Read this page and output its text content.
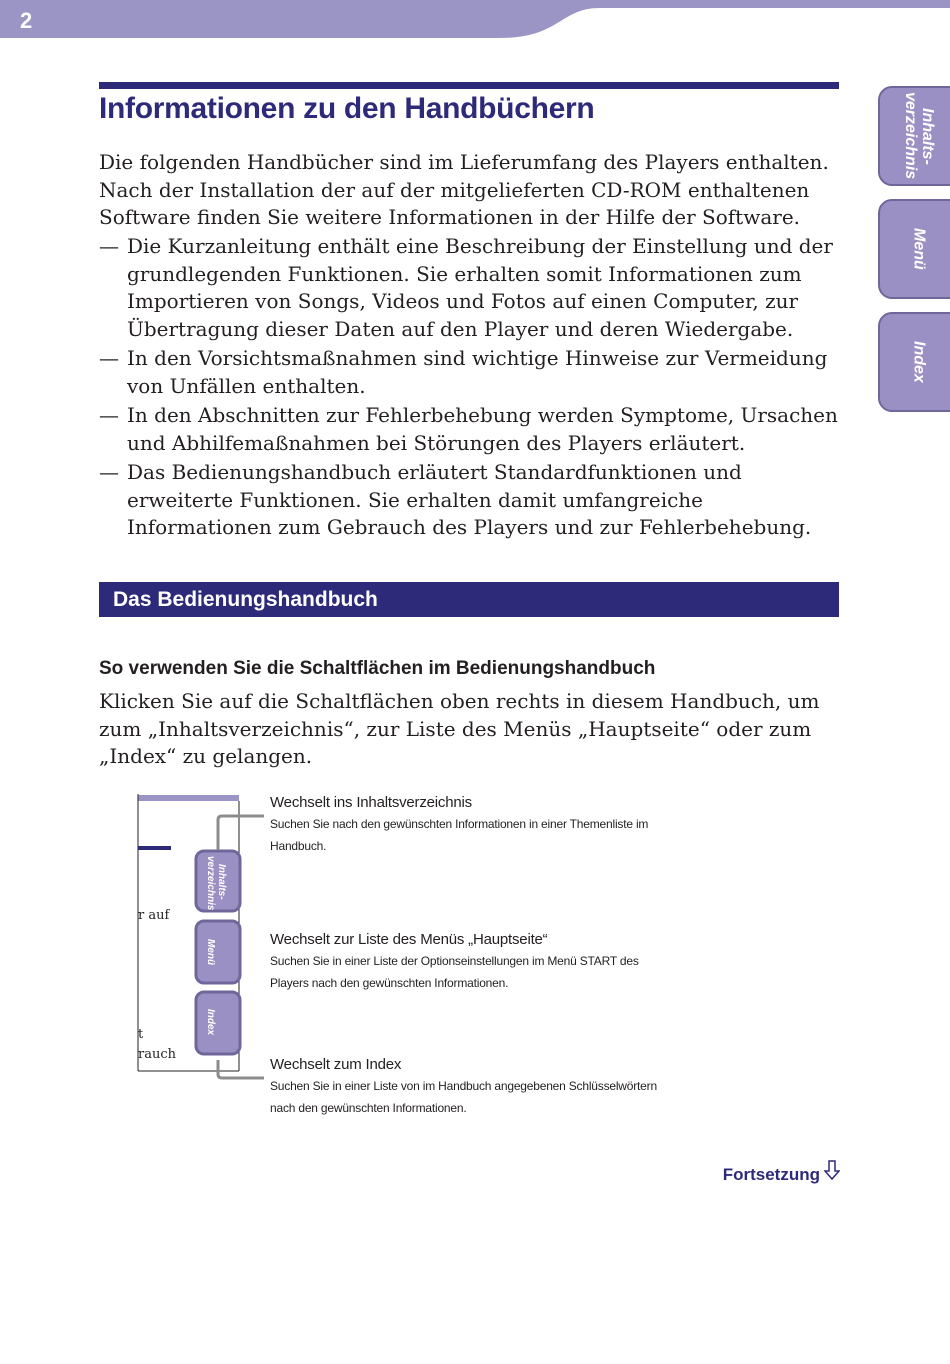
2
Inhalts-
verzeichnis
Menü
Index
Informationen zu den Handbüchern

Die folgenden Handbücher sind im Lieferumfang des Players enthalten. Nach der Installation der auf der mitgelieferten CD-ROM enthaltenen Software finden Sie weitere Informationen in der Hilfe der Software.

— Die Kurzanleitung enthält eine Beschreibung der Einstellung und der grundlegenden Funktionen. Sie erhalten somit Informationen zum Importieren von Songs, Videos und Fotos auf einen Computer, zur Übertragung dieser Daten auf den Player und deren Wiedergabe.
— In den Vorsichtsmaßnahmen sind wichtige Hinweise zur Vermeidung von Unfällen enthalten.
— In den Abschnitten zur Fehlerbehebung werden Symptome, Ursachen und Abhilfemaßnahmen bei Störungen des Players erläutert.
— Das Bedienungshandbuch erläutert Standardfunktionen und erweiterte Funktionen. Sie erhalten damit umfangreiche Informationen zum Gebrauch des Players und zur Fehlerbehebung.
Das Bedienungshandbuch
So verwenden Sie die Schaltflächen im Bedienungshandbuch

Klicken Sie auf die Schaltflächen oben rechts in diesem Handbuch, um zum „Inhaltsverzeichnis“, zur Liste des Menüs „Hauptseite“ oder zum „Index“ zu gelangen.

r auf
t
rauch
Inhalts-
verzeichnis
Menü
Index
Wechselt ins Inhaltsverzeichnis
Suchen Sie nach den gewünschten Informationen in einer Themenliste im Handbuch.
Wechselt zur Liste des Menüs „Hauptseite“
Suchen Sie in einer Liste der Optionseinstellungen im Menü START des Players nach den gewünschten Informationen.
Wechselt zum Index
Suchen Sie in einer Liste von im Handbuch angegebenen Schlüsselwörtern nach den gewünschten Informationen.
Fortsetzung
